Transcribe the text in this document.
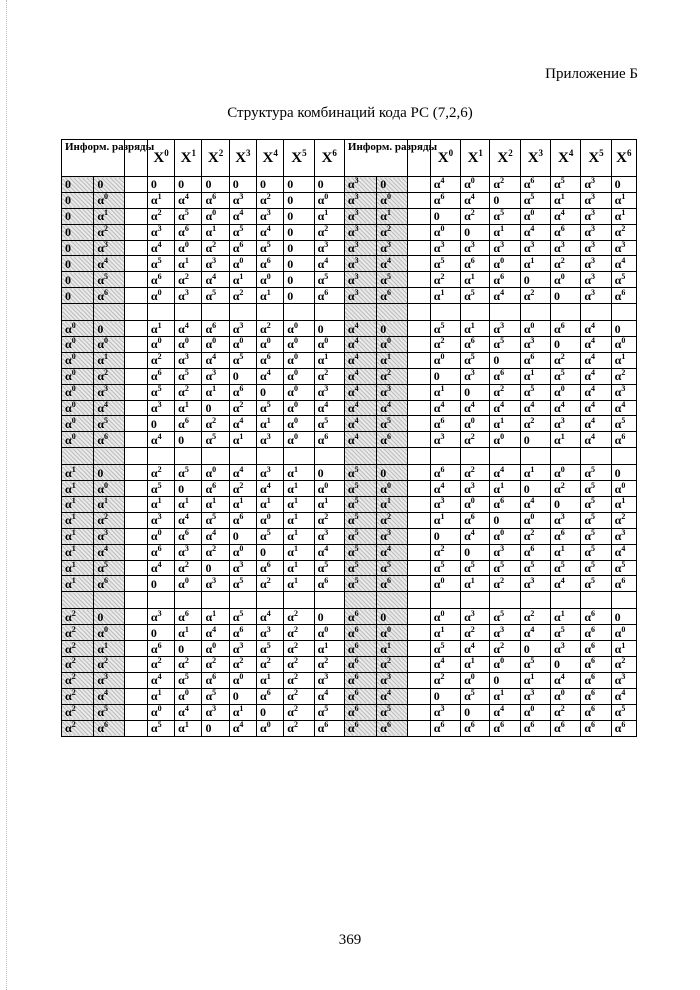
Приложение Б
Структура комбинаций кода РС (7,2,6)
Информ. разряды			$X^0$	$X^1$	$X^2$	$X^3$	$X^4$	$X^5$	$X^6$	Информ. разряды			$X^0$	$X^1$	$X^2$	$X^3$	$X^4$	$X^5$	$X^6$
0	0		0	0	0	0	0	0	0	$\alpha^3$	0		$\alpha^4$	$\alpha^0$	$\alpha^2$	$\alpha^6$	$\alpha^5$	$\alpha^3$	0
0	$\alpha^0$		$\alpha^1$	$\alpha^4$	$\alpha^6$	$\alpha^3$	$\alpha^2$	0	$\alpha^0$	$\alpha^3$	$\alpha^0$		$\alpha^6$	$\alpha^4$	0	$\alpha^5$	$\alpha^1$	$\alpha^3$	$\alpha^1$
0	$\alpha^1$		$\alpha^2$	$\alpha^5$	$\alpha^0$	$\alpha^4$	$\alpha^3$	0	$\alpha^1$	$\alpha^3$	$\alpha^1$		0	$\alpha^2$	$\alpha^5$	$\alpha^0$	$\alpha^4$	$\alpha^3$	$\alpha^1$
0	$\alpha^2$		$\alpha^3$	$\alpha^6$	$\alpha^1$	$\alpha^5$	$\alpha^4$	0	$\alpha^2$	$\alpha^3$	$\alpha^2$		$\alpha^0$	0	$\alpha^1$	$\alpha^4$	$\alpha^6$	$\alpha^3$	$\alpha^2$
0	$\alpha^3$		$\alpha^4$	$\alpha^0$	$\alpha^2$	$\alpha^6$	$\alpha^5$	0	$\alpha^3$	$\alpha^3$	$\alpha^3$		$\alpha^3$	$\alpha^3$	$\alpha^3$	$\alpha^3$	$\alpha^3$	$\alpha^3$	$\alpha^3$
0	$\alpha^4$		$\alpha^5$	$\alpha^1$	$\alpha^3$	$\alpha^0$	$\alpha^6$	0	$\alpha^4$	$\alpha^3$	$\alpha^4$		$\alpha^5$	$\alpha^6$	$\alpha^0$	$\alpha^1$	$\alpha^2$	$\alpha^3$	$\alpha^4$
0	$\alpha^5$		$\alpha^6$	$\alpha^2$	$\alpha^4$	$\alpha^1$	$\alpha^0$	0	$\alpha^5$	$\alpha^3$	$\alpha^5$		$\alpha^2$	$\alpha^1$	$\alpha^6$	0	$\alpha^0$	$\alpha^3$	$\alpha^5$
0	$\alpha^6$		$\alpha^0$	$\alpha^3$	$\alpha^5$	$\alpha^2$	$\alpha^1$	0	$\alpha^6$	$\alpha^3$	$\alpha^6$		$\alpha^1$	$\alpha^5$	$\alpha^4$	$\alpha^2$	0	$\alpha^3$	$\alpha^6$

$\alpha^0$	0		$\alpha^1$	$\alpha^4$	$\alpha^6$	$\alpha^3$	$\alpha^2$	$\alpha^0$	0	$\alpha^4$	0		$\alpha^5$	$\alpha^1$	$\alpha^3$	$\alpha^0$	$\alpha^6$	$\alpha^4$	0
$\alpha^0$	$\alpha^0$		$\alpha^0$	$\alpha^0$	$\alpha^0$	$\alpha^0$	$\alpha^0$	$\alpha^0$	$\alpha^0$	$\alpha^4$	$\alpha^0$		$\alpha^2$	$\alpha^6$	$\alpha^5$	$\alpha^3$	0	$\alpha^4$	$\alpha^0$
$\alpha^0$	$\alpha^1$		$\alpha^2$	$\alpha^3$	$\alpha^4$	$\alpha^5$	$\alpha^6$	$\alpha^0$	$\alpha^1$	$\alpha^4$	$\alpha^1$		$\alpha^0$	$\alpha^5$	0	$\alpha^6$	$\alpha^2$	$\alpha^4$	$\alpha^1$
$\alpha^0$	$\alpha^2$		$\alpha^6$	$\alpha^5$	$\alpha^3$	0	$\alpha^4$	$\alpha^0$	$\alpha^2$	$\alpha^4$	$\alpha^2$		0	$\alpha^3$	$\alpha^6$	$\alpha^1$	$\alpha^5$	$\alpha^4$	$\alpha^2$
$\alpha^0$	$\alpha^3$		$\alpha^5$	$\alpha^2$	$\alpha^1$	$\alpha^6$	0	$\alpha^0$	$\alpha^3$	$\alpha^4$	$\alpha^3$		$\alpha^1$	0	$\alpha^2$	$\alpha^5$	$\alpha^0$	$\alpha^4$	$\alpha^3$
$\alpha^0$	$\alpha^4$		$\alpha^3$	$\alpha^1$	0	$\alpha^2$	$\alpha^5$	$\alpha^0$	$\alpha^4$	$\alpha^4$	$\alpha^4$		$\alpha^4$	$\alpha^4$	$\alpha^4$	$\alpha^4$	$\alpha^4$	$\alpha^4$	$\alpha^4$
$\alpha^0$	$\alpha^5$		0	$\alpha^6$	$\alpha^2$	$\alpha^4$	$\alpha^1$	$\alpha^0$	$\alpha^5$	$\alpha^4$	$\alpha^5$		$\alpha^6$	$\alpha^0$	$\alpha^1$	$\alpha^2$	$\alpha^3$	$\alpha^4$	$\alpha^5$
$\alpha^0$	$\alpha^6$		$\alpha^4$	0	$\alpha^5$	$\alpha^1$	$\alpha^3$	$\alpha^0$	$\alpha^6$	$\alpha^4$	$\alpha^6$		$\alpha^3$	$\alpha^2$	$\alpha^0$	0	$\alpha^1$	$\alpha^4$	$\alpha^6$

$\alpha^1$	0		$\alpha^2$	$\alpha^5$	$\alpha^0$	$\alpha^4$	$\alpha^3$	$\alpha^1$	0	$\alpha^5$	0		$\alpha^6$	$\alpha^2$	$\alpha^4$	$\alpha^1$	$\alpha^0$	$\alpha^5$	0
$\alpha^1$	$\alpha^0$		$\alpha^5$	0	$\alpha^6$	$\alpha^2$	$\alpha^4$	$\alpha^1$	$\alpha^0$	$\alpha^5$	$\alpha^0$		$\alpha^4$	$\alpha^3$	$\alpha^1$	0	$\alpha^2$	$\alpha^5$	$\alpha^0$
$\alpha^1$	$\alpha^1$		$\alpha^1$	$\alpha^1$	$\alpha^1$	$\alpha^1$	$\alpha^1$	$\alpha^1$	$\alpha^1$	$\alpha^5$	$\alpha^1$		$\alpha^3$	$\alpha^0$	$\alpha^6$	$\alpha^4$	0	$\alpha^5$	$\alpha^1$
$\alpha^1$	$\alpha^2$		$\alpha^3$	$\alpha^4$	$\alpha^5$	$\alpha^6$	$\alpha^0$	$\alpha^1$	$\alpha^2$	$\alpha^5$	$\alpha^2$		$\alpha^1$	$\alpha^6$	0	$\alpha^0$	$\alpha^3$	$\alpha^5$	$\alpha^2$
$\alpha^1$	$\alpha^3$		$\alpha^0$	$\alpha^6$	$\alpha^4$	0	$\alpha^5$	$\alpha^1$	$\alpha^3$	$\alpha^5$	$\alpha^3$		0	$\alpha^4$	$\alpha^0$	$\alpha^2$	$\alpha^6$	$\alpha^5$	$\alpha^3$
$\alpha^1$	$\alpha^4$		$\alpha^6$	$\alpha^3$	$\alpha^2$	$\alpha^0$	0	$\alpha^1$	$\alpha^4$	$\alpha^5$	$\alpha^4$		$\alpha^2$	0	$\alpha^3$	$\alpha^6$	$\alpha^1$	$\alpha^5$	$\alpha^4$
$\alpha^1$	$\alpha^5$		$\alpha^4$	$\alpha^2$	0	$\alpha^3$	$\alpha^6$	$\alpha^1$	$\alpha^5$	$\alpha^5$	$\alpha^5$		$\alpha^5$	$\alpha^5$	$\alpha^5$	$\alpha^5$	$\alpha^5$	$\alpha^5$	$\alpha^5$
$\alpha^1$	$\alpha^6$		0	$\alpha^0$	$\alpha^3$	$\alpha^5$	$\alpha^2$	$\alpha^1$	$\alpha^6$	$\alpha^5$	$\alpha^6$		$\alpha^0$	$\alpha^1$	$\alpha^2$	$\alpha^3$	$\alpha^4$	$\alpha^5$	$\alpha^6$

$\alpha^2$	0		$\alpha^3$	$\alpha^6$	$\alpha^1$	$\alpha^5$	$\alpha^4$	$\alpha^2$	0	$\alpha^6$	0		$\alpha^0$	$\alpha^3$	$\alpha^5$	$\alpha^2$	$\alpha^1$	$\alpha^6$	0
$\alpha^2$	$\alpha^0$		0	$\alpha^1$	$\alpha^4$	$\alpha^6$	$\alpha^3$	$\alpha^2$	$\alpha^0$	$\alpha^6$	$\alpha^0$		$\alpha^1$	$\alpha^2$	$\alpha^3$	$\alpha^4$	$\alpha^5$	$\alpha^6$	$\alpha^0$
$\alpha^2$	$\alpha^1$		$\alpha^6$	0	$\alpha^0$	$\alpha^3$	$\alpha^5$	$\alpha^2$	$\alpha^1$	$\alpha^6$	$\alpha^1$		$\alpha^5$	$\alpha^4$	$\alpha^2$	0	$\alpha^3$	$\alpha^6$	$\alpha^1$
$\alpha^2$	$\alpha^2$		$\alpha^2$	$\alpha^2$	$\alpha^2$	$\alpha^2$	$\alpha^2$	$\alpha^2$	$\alpha^2$	$\alpha^6$	$\alpha^2$		$\alpha^4$	$\alpha^1$	$\alpha^0$	$\alpha^5$	0	$\alpha^6$	$\alpha^2$
$\alpha^2$	$\alpha^3$		$\alpha^4$	$\alpha^5$	$\alpha^6$	$\alpha^0$	$\alpha^1$	$\alpha^2$	$\alpha^3$	$\alpha^6$	$\alpha^3$		$\alpha^2$	$\alpha^0$	0	$\alpha^1$	$\alpha^4$	$\alpha^6$	$\alpha^3$
$\alpha^2$	$\alpha^4$		$\alpha^1$	$\alpha^0$	$\alpha^5$	0	$\alpha^6$	$\alpha^2$	$\alpha^4$	$\alpha^6$	$\alpha^4$		0	$\alpha^5$	$\alpha^1$	$\alpha^3$	$\alpha^0$	$\alpha^6$	$\alpha^4$
$\alpha^2$	$\alpha^5$		$\alpha^0$	$\alpha^4$	$\alpha^3$	$\alpha^1$	0	$\alpha^2$	$\alpha^5$	$\alpha^6$	$\alpha^5$		$\alpha^3$	0	$\alpha^4$	$\alpha^0$	$\alpha^2$	$\alpha^6$	$\alpha^5$
$\alpha^2$	$\alpha^6$		$\alpha^5$	$\alpha^1$	0	$\alpha^4$	$\alpha^0$	$\alpha^2$	$\alpha^6$	$\alpha^6$	$\alpha^6$		$\alpha^6$	$\alpha^6$	$\alpha^6$	$\alpha^6$	$\alpha^6$	$\alpha^6$	$\alpha^6$
369
